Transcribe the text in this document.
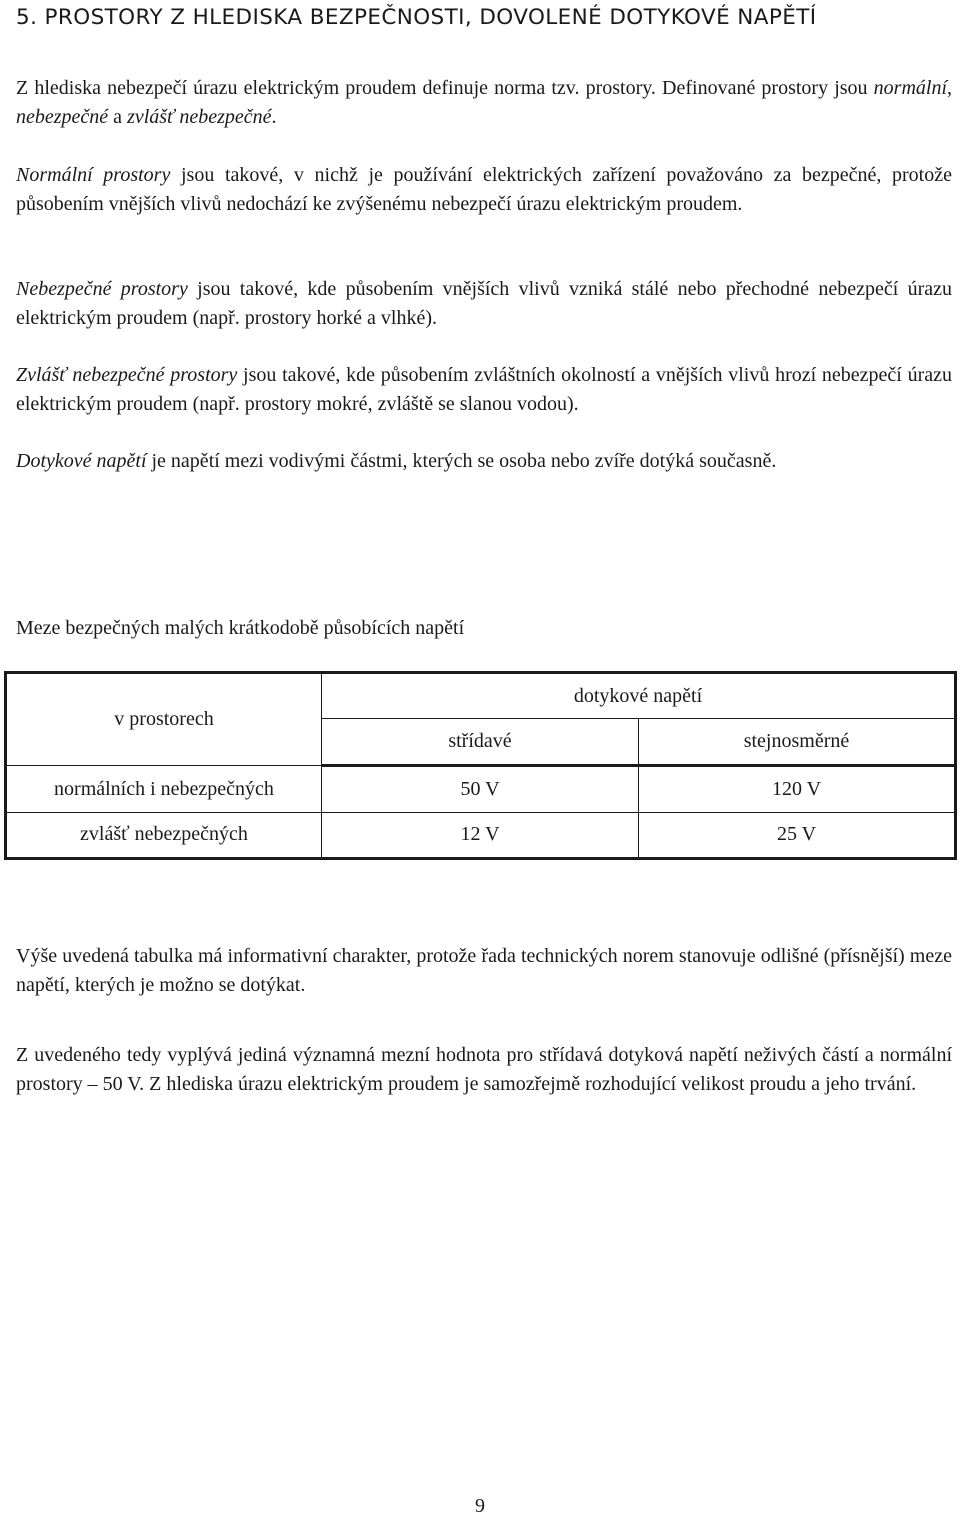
5. PROSTORY Z HLEDISKA BEZPEČNOSTI, DOVOLENÉ DOTYKOVÉ NAPĚTÍ

Z hlediska nebezpečí úrazu elektrickým proudem definuje norma tzv. prostory. Definované prostory jsou normální, nebezpečné a zvlášť nebezpečné.

Normální prostory jsou takové, v nichž je používání elektrických zařízení považováno za bezpečné, protože působením vnějších vlivů nedochází ke zvýšenému nebezpečí úrazu elektrickým proudem.

Nebezpečné prostory jsou takové, kde působením vnějších vlivů vzniká stálé nebo přechodné nebezpečí úrazu elektrickým proudem (např. prostory horké a vlhké).

Zvlášť nebezpečné prostory jsou takové, kde působením zvláštních okolností a vnějších vlivů hrozí nebezpečí úrazu elektrickým proudem (např. prostory mokré, zvláště se slanou vodou).

Dotykové napětí je napětí mezi vodivými částmi, kterých se osoba nebo zvíře dotýká současně.

Meze bezpečných malých krátkodobě působících napětí

v prostorech	dotykové napětí	
	střídavé	stejnosměrné
normálních i nebezpečných	50 V	120 V
zvlášť nebezpečných	12 V	25 V

Výše uvedená tabulka má informativní charakter, protože řada technických norem stanovuje odlišné (přísnější) meze napětí, kterých je možno se dotýkat.

Z uvedeného tedy vyplývá jediná významná mezní hodnota pro střídavá dotyková napětí neživých částí a normální prostory – 50 V. Z hlediska úrazu elektrickým proudem je samozřejmě rozhodující velikost proudu a jeho trvání.

9
